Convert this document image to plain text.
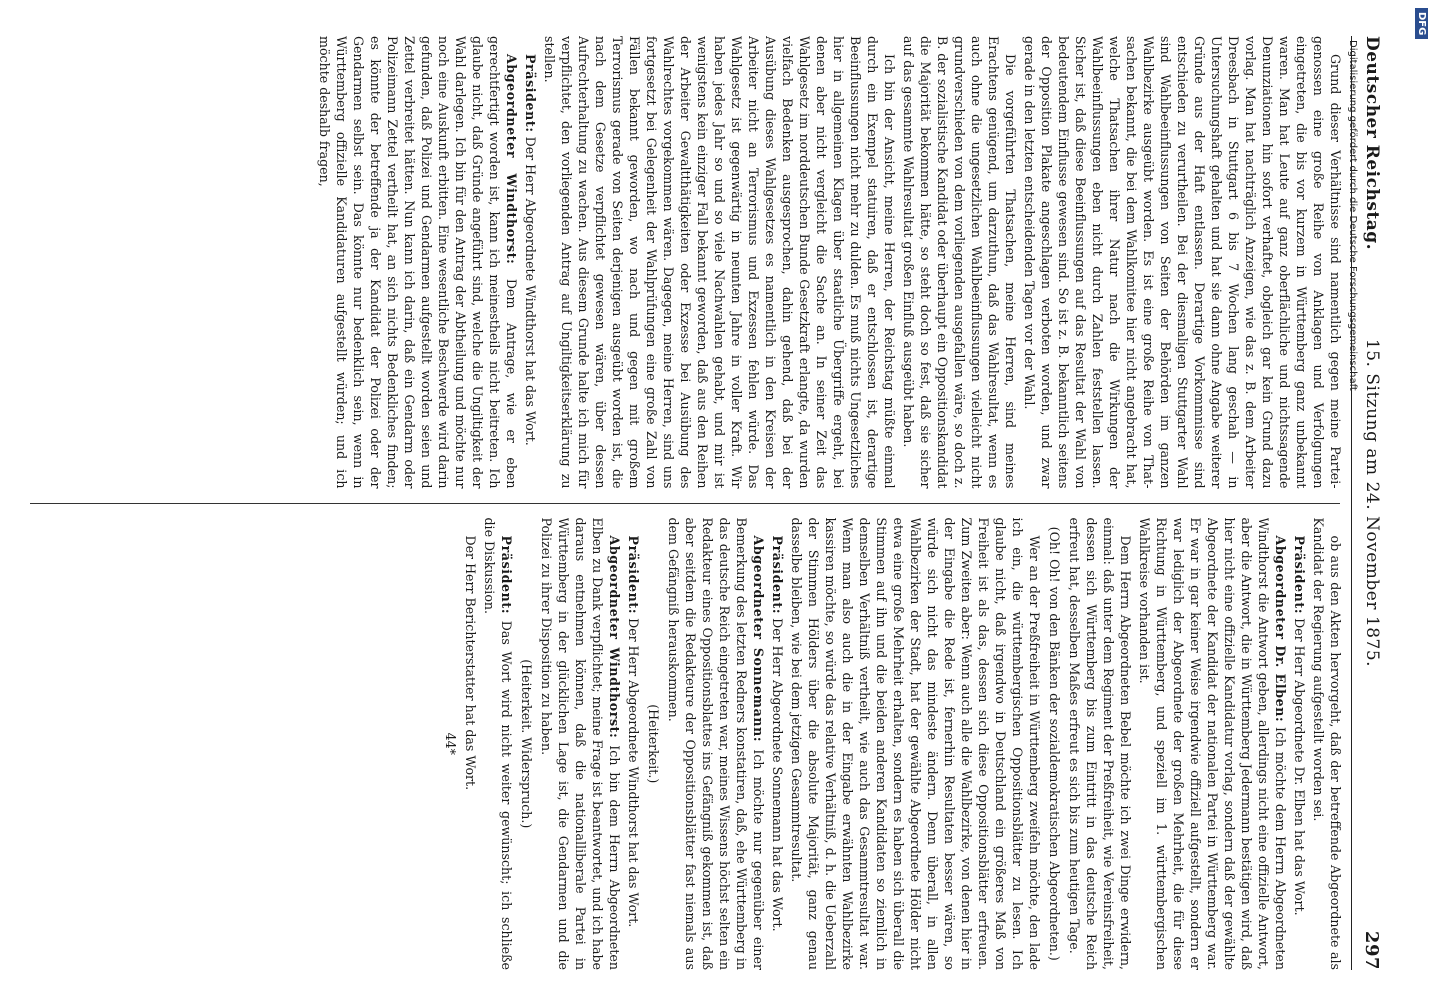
Deutscher Reichstag.
15. Sitzung am 24. November 1875.
297

Grund dieser Verhältnisse sind namentlich gegen meine Partei-genossen eine große Reihe von Anklagen und Verfolgungen eingetreten, die bis vor kurzem in Württemberg ganz unbekannt waren. Man hat Leute auf ganz oberflächliche und nichtssagende Denunziationen hin sofort verhaftet, obgleich gar kein Grund dazu vorlag. Man hat nachträglich Anzeigen, wie das z. B. dem Arbeiter Dreesbach in Stuttgart 6 bis 7 Wochen lang geschah — in Untersuchungshaft gehalten und hat sie dann ohne Angabe weiterer Gründe aus der Haft entlassen. Derartige Vorkommnisse sind entschieden zu verurtheilen. Bei der diesmaligen Stuttgarter Wahl sind Wahlbeeinflussungen von Seiten der Behörden im ganzen Wahlbezirke ausgeübt worden. Es ist eine große Reihe von That-sachen bekannt, die bei dem Wahlkomitee hier nicht angebracht hat, welche Thatsachen ihrer Natur nach die Wirkungen der Wahlbeeinflussungen eben nicht durch Zahlen feststellen lassen. Sicher ist, daß diese Beeinflussungen auf das Resultat der Wahl von bedeutendem Einflusse gewesen sind. So ist z. B. bekanntlich seitens der Opposition Plakate angeschlagen verboten worden, und zwar gerade in den letzten entscheidenden Tagen vor der Wahl.

Die vorgeführten Thatsachen, meine Herren, sind meines Erachtens genügend, um darzuthun, daß das Wahlresultat, wenn es auch ohne die ungesetzlichen Wahlbeeinflussungen vielleicht nicht grundverschieden von dem vorliegenden ausgefallen wäre, so doch z. B. der sozialistische Kandidat oder überhaupt ein Oppositionskandidat die Majorität bekommen hätte, so steht doch so fest, daß sie sicher auf das gesammte Wahlresultat großen Einfluß ausgeübt haben.

Ich bin der Ansicht, meine Herren, der Reichstag müßte einmal durch ein Exempel statuiren, daß er entschlossen ist, derartige Beeinflussungen nicht mehr zu dulden. Es muß nichts Ungesetzliches hier in allgemeinen Klagen über staatliche Übergriffe ergeht, bei denen aber nicht vergleicht die Sache an. In seiner Zeit das Wahlgesetz im norddeutschen Bunde Gesetzkraft erlangte, da wurden vielfach Bedenken ausgesprochen, dahin gehend, daß bei der Ausübung dieses Wahlgesetzes es namentlich in den Kreisen der Arbeiter nicht an Terrorismus und Exzessen fehlen würde. Das Wahlgesetz ist gegenwärtig in neunten Jahre in voller Kraft. Wir haben jedes Jahr so und so viele Nachwahlen gehabt, und mir ist wenigstens kein einziger Fall bekannt geworden, daß aus den Reihen der Arbeiter Gewaltthätigkeiten oder Exzesse bei Ausübung des Wahlrechtes vorgekommen wären. Dagegen, meine Herren, sind uns fortgesetzt bei Gelegenheit der Wahlprüfungen eine große Zahl von Fällen bekannt geworden, wo nach und gegen mit großem Terrorismus gerade von Seiten derjenigen ausgeübt worden ist, die nach dem Gesetze verpflichtet gewesen wären, über dessen Aufrechterhaltung zu wachen. Aus diesem Grunde halte ich mich für verpflichtet, den vorliegenden Antrag auf Ungiltigkeitserklärung zu stellen.

Präsident: Der Herr Abgeordnete Windthorst hat das Wort.

Abgeordneter Windthorst: Dem Antrage, wie er eben gerechtfertigt worden ist, kann ich meinestheils nicht beitreten. Ich glaube nicht, daß Gründe angeführt sind, welche die Ungiltigkeit der Wahl darlegen. Ich bin für den Antrag der Abtheilung und möchte nur noch eine Auskunft erbitten. Eine wesentliche Beschwerde wird darin gefunden, daß Polizei und Gendarmen aufgestellt worden seien und Zettel verbreitet hätten. Nun kann ich darin, daß ein Gendarm oder Polizeimann Zettel vertheilt hat, an sich nichts Bedenkliches finden; es könnte der betreffende ja der Kandidat der Polizei oder der Gendarmen selbst sein. Das könnte nur bedenklich sein, wenn in Württemberg offizielle Kandidaturen aufgestellt würden; und ich möchte deshalb fragen,

ob aus den Akten hervorgeht, daß der betreffende Abgeordnete als Kandidat der Regierung aufgestellt worden sei.

Präsident: Der Herr Abgeordnete Dr. Elben hat das Wort.

Abgeordneter Dr. Elben: Ich möchte dem Herrn Abgeordneten Windthorst die Antwort geben, allerdings nicht eine offizielle Antwort, aber die Antwort, die in Württemberg Jedermann bestätigen wird, daß hier nicht eine offizielle Kandidatur vorlag, sondern daß der gewählte Abgeordnete der Kandidat der nationalen Partei in Württemberg war. Er war in gar keiner Weise irgendwie offiziell aufgestellt, sondern er war lediglich der Abgeordnete der großen Mehrheit, die für diese Richtung in Württemberg, und speziell im 1. württembergischen Wahlkreise vorhanden ist.

Dem Herrn Abgeordneten Bebel möchte ich zwei Dinge erwidern, einmal: daß unter dem Regiment der Preßfreiheit, wie Vereinsfreiheit, dessen sich Württemberg bis zum Eintritt in das deutsche Reich erfreut hat, desselben Maßes erfreut es sich bis zum heutigen Tage.

(Oh! Oh! von den Bänken der sozialdemokratischen Abgeordneten.)

Wer an der Preßfreiheit in Württemberg zweifeln möchte, den lade ich ein, die württembergischen Oppositionsblätter zu lesen. Ich glaube nicht, daß irgendwo in Deutschland ein größeres Maß von Freiheit ist als das, dessen sich diese Oppositionsblätter erfreuen. Zum Zweiten aber: Wenn auch alle die Wahlbezirke, von denen hier in der Eingabe die Rede ist, fernerhin Resultaten besser wären, so würde sich nicht das mindeste ändern. Denn überall, in allen Wahlbezirken der Stadt, hat der gewählte Abgeordnete Hölder nicht etwa eine große Mehrheit erhalten, sondern es haben sich überall die Stimmen auf ihn und die beiden anderen Kandidaten so ziemlich in demselben Verhältniß vertheilt, wie auch das Gesammtresultat war. Wenn man also auch die in der Eingabe erwähnten Wahlbezirke kassiren möchte, so würde das relative Verhältniß, d. h. die Ueberzahl der Stimmen Hölders über die absolute Majorität, ganz genau dasselbe bleiben, wie bei dem jetzigen Gesammtresultat.

Präsident: Der Herr Abgeordnete Sonnemann hat das Wort.

Abgeordneter Sonnemann: Ich möchte nur gegenüber einer Bemerkung des letzten Redners konstatiren, daß, ehe Württemberg in das deutsche Reich eingetreten war, meines Wissens höchst selten ein Redakteur eines Oppositionsblattes ins Gefängniß gekommen ist, daß aber seitdem die Redakteure der Oppositionsblätter fast niemals aus dem Gefängniß herauskommen.

(Heiterkeit.)

Präsident: Der Herr Abgeordnete Windthorst hat das Wort.

Abgeordneter Windthorst: Ich bin dem Herrn Abgeordneten Elben zu Dank verpflichtet; meine Frage ist beantwortet, und ich habe daraus entnehmen können, daß die nationalliberale Partei in Württemberg in der glücklichen Lage ist, die Gendarmen und die Polizei zu ihrer Disposition zu haben.

(Heiterkeit. Widerspruch.)

Präsident: Das Wort wird nicht weiter gewünscht; ich schließe die Diskussion.

Der Herr Berichterstatter hat das Wort.

44*

Digitalisierung gefördert durch die Deutsche Forschungsgemeinschaft
DFG
